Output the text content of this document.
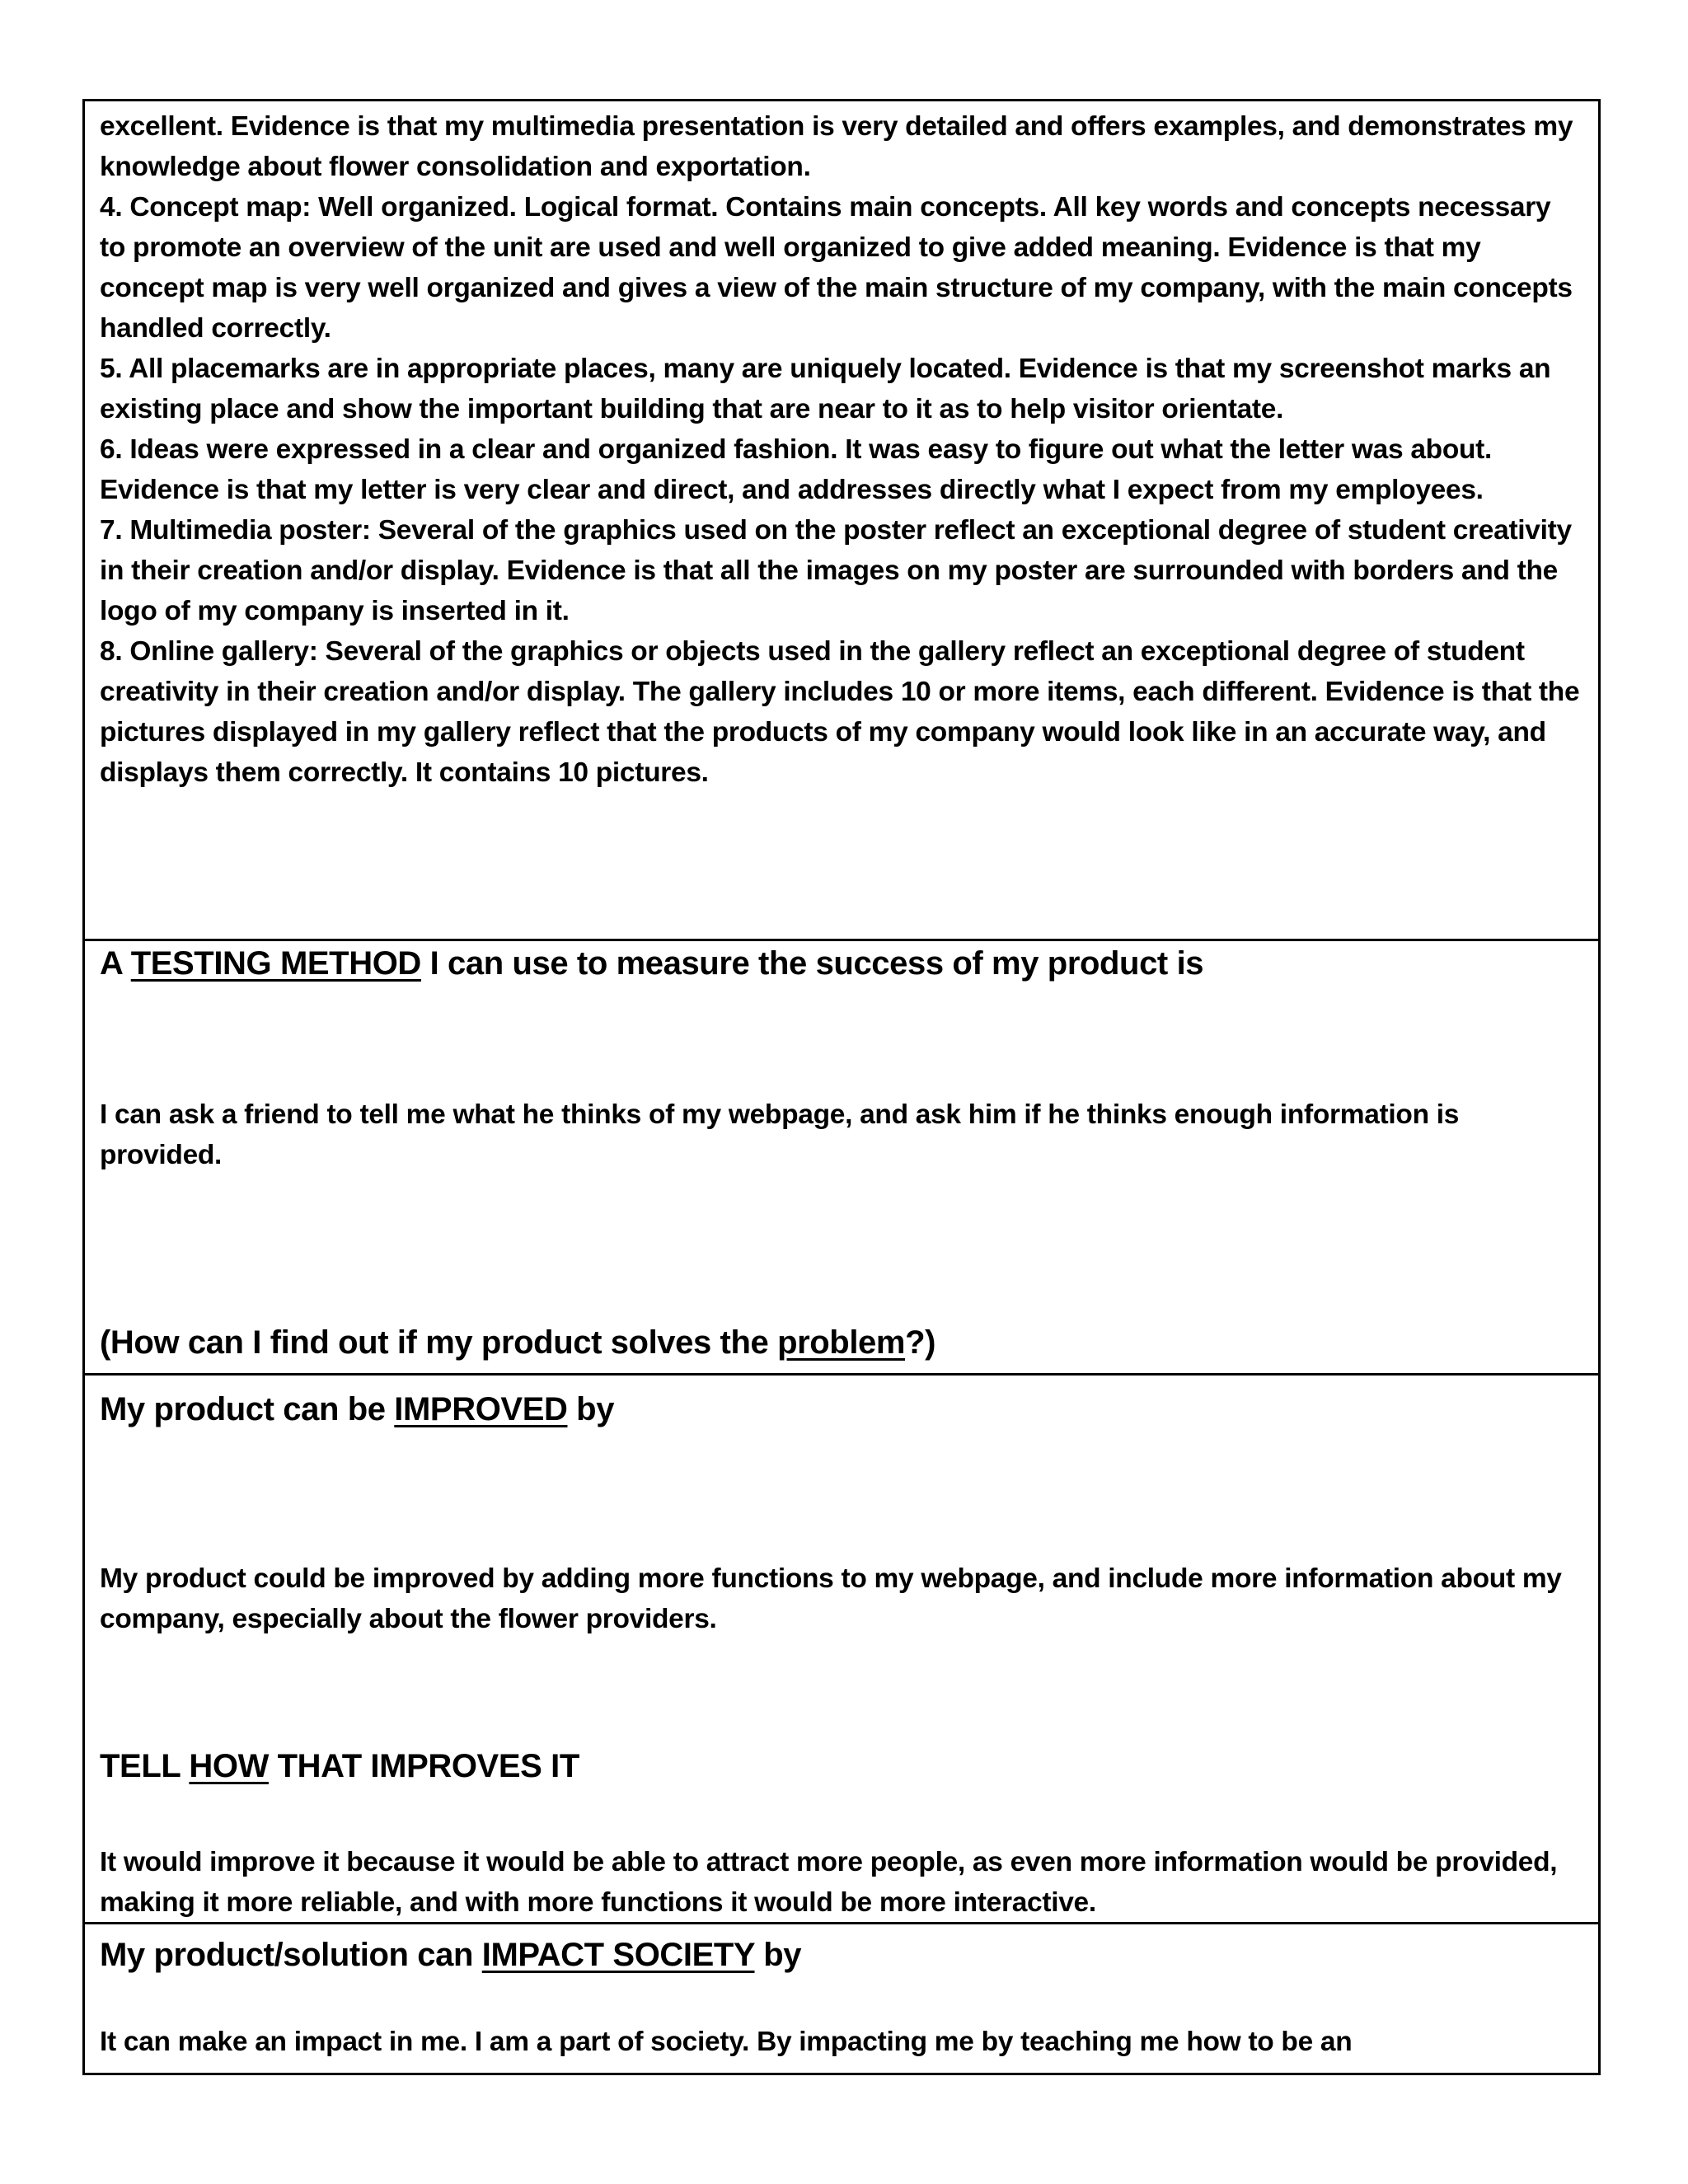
excellent. Evidence is that my multimedia presentation is very detailed and offers examples, and demonstrates my knowledge about flower consolidation and exportation.

4. Concept map: Well organized. Logical format. Contains main concepts. All key words and concepts necessary to promote an overview of the unit are used and well organized to give added meaning. Evidence is that my concept map is very well organized and gives a view of the main structure of my company, with the main concepts handled correctly.

5. All placemarks are in appropriate places, many are uniquely located. Evidence is that my screenshot marks an existing place and show the important building that are near to it as to help visitor orientate.

6. Ideas were expressed in a clear and organized fashion. It was easy to figure out what the letter was about. Evidence is that my letter is very clear and direct, and addresses directly what I expect from my employees.

7. Multimedia poster: Several of the graphics used on the poster reflect an exceptional degree of student creativity in their creation and/or display. Evidence is that all the images on my poster are surrounded with borders and the logo of my company is inserted in it.

8. Online gallery: Several of the graphics or objects used in the gallery reflect an exceptional degree of student creativity in their creation and/or display. The gallery includes 10 or more items, each different. Evidence is that the pictures displayed in my gallery reflect that the products of my company would look like in an accurate way, and displays them correctly. It contains 10 pictures.

A TESTING METHOD I can use to measure the success of my product is

I can ask a friend to tell me what he thinks of my webpage, and ask him if he thinks enough information is provided.

(How can I find out if my product solves the problem?)
My product can be IMPROVED by

My product could be improved by adding more functions to my webpage, and include more information about my company, especially about the flower providers.

TELL HOW THAT IMPROVES IT

It would improve it because it would be able to attract more people, as even more information would be provided, making it more reliable, and with more functions it would be more interactive.

My product/solution can IMPACT SOCIETY by

It can make an impact in me. I am a part of society. By impacting me by teaching me how to be an
